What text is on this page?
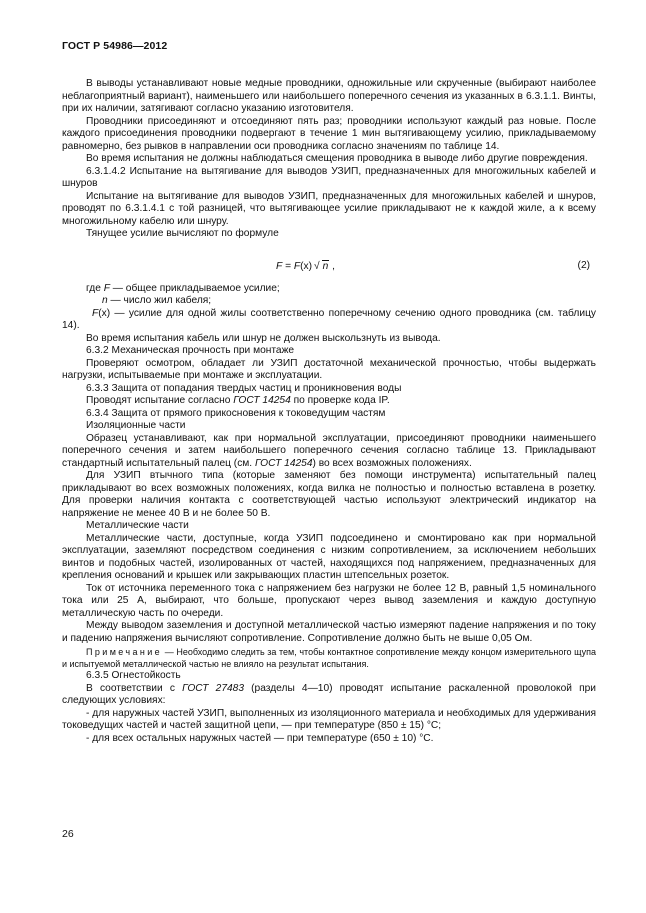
ГОСТ Р 54986—2012

В выводы устанавливают новые медные проводники, одножильные или скрученные (выбирают наиболее неблагоприятный вариант), наименьшего или наибольшего поперечного сечения из указанных в 6.3.1.1. Винты, при их наличии, затягивают согласно указанию изготовителя.

Проводники присоединяют и отсоединяют пять раз; проводники используют каждый раз новые. После каждого присоединения проводники подвергают в течение 1 мин вытягивающему усилию, прикладываемому равномерно, без рывков в направлении оси проводника согласно значениям по таблице 14.

Во время испытания не должны наблюдаться смещения проводника в выводе либо другие повреждения.

6.3.1.4.2 Испытание на вытягивание для выводов УЗИП, предназначенных для многожильных кабелей и шнуров

Испытание на вытягивание для выводов УЗИП, предназначенных для многожильных кабелей и шнуров, проводят по 6.3.1.4.1 с той разницей, что вытягивающее усилие прикладывают не к каждой жиле, а к всему многожильному кабелю или шнуру.

Тянущее усилие вычисляют по формуле

F = F(x) √ n ,	(2)

где F — общее прикладываемое усилие;

n — число жил кабеля;

F(x) — усилие для одной жилы соответственно поперечному сечению одного проводника (см. таблицу 14).

Во время испытания кабель или шнур не должен выскользнуть из вывода.

6.3.2 Механическая прочность при монтаже

Проверяют осмотром, обладает ли УЗИП достаточной механической прочностью, чтобы выдержать нагрузки, испытываемые при монтаже и эксплуатации.

6.3.3 Защита от попадания твердых частиц и проникновения воды

Проводят испытание согласно ГОСТ 14254 по проверке кода IP.

6.3.4 Защита от прямого прикосновения к токоведущим частям

Изоляционные части

Образец устанавливают, как при нормальной эксплуатации, присоединяют проводники наименьшего поперечного сечения и затем наибольшего поперечного сечения согласно таблице 13. Прикладывают стандартный испытательный палец (см. ГОСТ 14254) во всех возможных положениях.

Для УЗИП втычного типа (которые заменяют без помощи инструмента) испытательный палец прикладывают во всех возможных положениях, когда вилка не полностью и полностью вставлена в розетку. Для проверки наличия контакта с соответствующей частью используют электрический индикатор на напряжение не менее 40 В и не более 50 В.

Металлические части

Металлические части, доступные, когда УЗИП подсоединено и смонтировано как при нормальной эксплуатации, заземляют посредством соединения с низким сопротивлением, за исключением небольших винтов и подобных частей, изолированных от частей, находящихся под напряжением, предназначенных для крепления оснований и крышек или закрывающих пластин штепсельных розеток.

Ток от источника переменного тока с напряжением без нагрузки не более 12 В, равный 1,5 номинального тока или 25 А, выбирают, что больше, пропускают через вывод заземления и каждую доступную металлическую часть по очереди.

Между выводом заземления и доступной металлической частью измеряют падение напряжения и по току и падению напряжения вычисляют сопротивление. Сопротивление должно быть не выше 0,05 Ом.

Примечание — Необходимо следить за тем, чтобы контактное сопротивление между концом измерительного щупа и испытуемой металлической частью не влияло на результат испытания.

6.3.5 Огнестойкость

В соответствии с ГОСТ 27483 (разделы 4—10) проводят испытание раскаленной проволокой при следующих условиях:

- для наружных частей УЗИП, выполненных из изоляционного материала и необходимых для удерживания токоведущих частей и частей защитной цепи, — при температуре (850 ± 15) °С;

- для всех остальных наружных частей — при температуре (650 ± 10) °С.

26
